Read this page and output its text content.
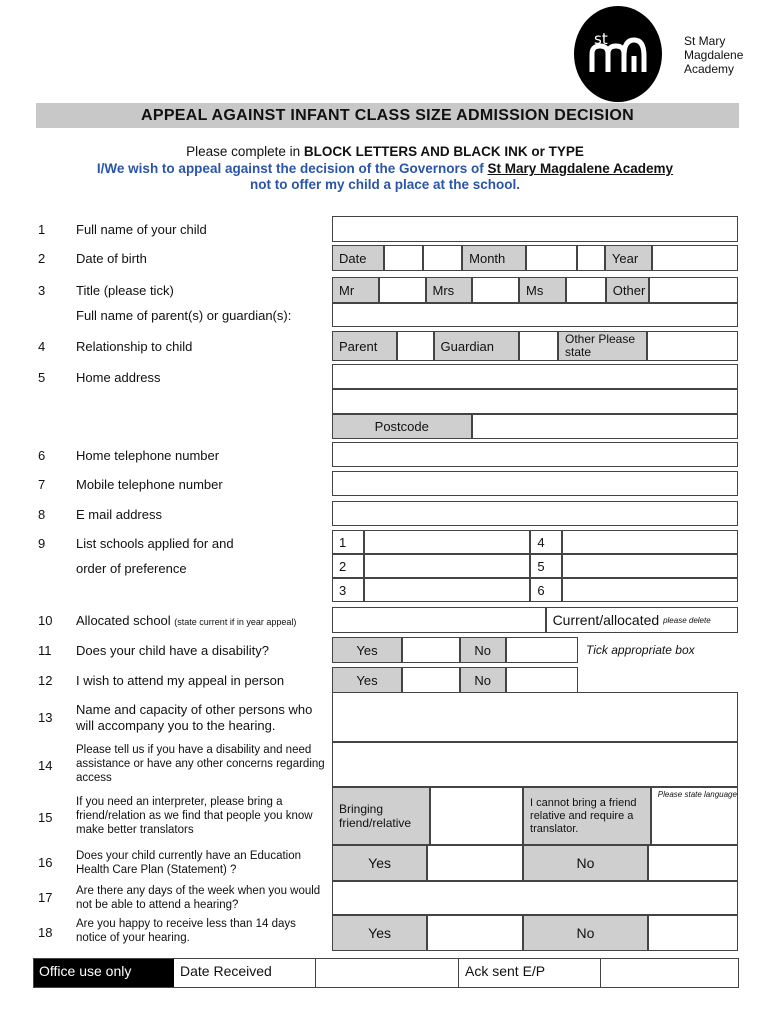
st	St Mary
Magdalene
Academy
APPEAL AGAINST INFANT CLASS SIZE ADMISSION DECISION
Please complete in BLOCK LETTERS AND BLACK INK or TYPE
I/We wish to appeal against the decision of the Governors of St Mary Magdalene Academy
not to offer my child a place at the school.
1 Full name of your child
2 Date of birth	Date	Month	Year
3 Title (please tick)	Mr	Mrs	Ms	Other
Full name of parent(s) or guardian(s):
4 Relationship to child	Parent	Guardian	Other Please state
5 Home address
Postcode
6 Home telephone number
7 Mobile telephone number
8 E mail address
9 List schools applied for and
order of preference
1	4
2	5
3	6
10 Allocated school (state current if in year appeal)	Current/allocated
please delete
11 Does your child have a disability?	Yes	No	Tick appropriate box
12 I wish to attend my appeal in person	Yes	No
13
Name and capacity of other persons who will accompany you to the hearing.
14
Please tell us if you have a disability and need assistance or have any other concerns regarding access
15
If you need an interpreter, please bring a friend/relation as we find that people you know make better translators
Bringing friend/relative
I cannot bring a friend relative and require a translator.
Please state language
16 Does your child currently have an Education Health Care Plan (Statement) ?	Yes	No
17 Are there any days of the week when you would not be able to attend a hearing?
18
Are you happy to receive less than 14 days notice of your hearing.	Yes	No
Office use only	Date Received	Ack sent E/P
